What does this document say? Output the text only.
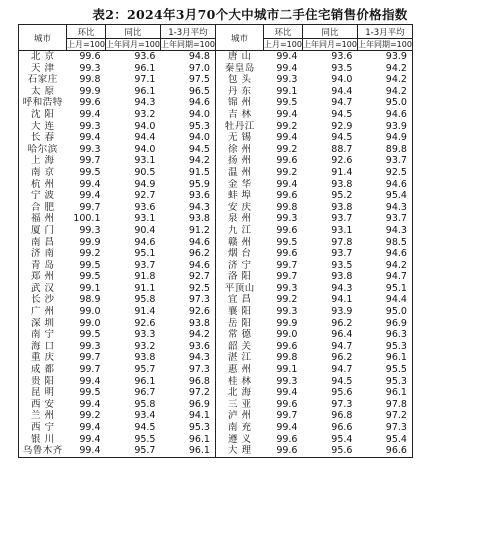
表2：2024年3月70个大中城市二手住宅销售价格指数
城市	环比	同比	1-3月平均	城市	环比	同比	1-3月平均
	上月=100	上年同月=100	上年同期=100		上月=100	上年同月=100	上年同期=100
北 京	99.6	93.6	94.8	唐 山	99.4	93.6	93.9
天 津	99.3	96.1	97.0	秦皇岛	99.4	93.5	94.2
石家庄	99.8	97.1	97.5	包 头	99.3	94.0	94.2
太 原	99.9	96.1	96.5	丹 东	99.1	94.4	94.2
呼和浩特	99.6	94.3	94.6	锦 州	99.5	94.7	95.0
沈 阳	99.4	93.2	94.0	吉 林	99.4	94.5	94.6
大 连	99.3	94.0	95.3	牡丹江	99.2	92.9	93.9
长 春	99.4	94.4	94.0	无 锡	99.4	94.5	94.9
哈尔滨	99.3	94.0	94.5	徐 州	99.2	88.7	89.8
上 海	99.7	93.1	94.2	扬 州	99.6	92.6	93.7
南 京	99.5	90.5	91.5	温 州	99.2	91.4	92.5
杭 州	99.4	94.9	95.9	金 华	99.4	93.8	94.6
宁 波	99.4	92.7	93.6	蚌 埠	99.6	95.2	95.4
合 肥	99.7	93.6	94.3	安 庆	99.8	93.8	94.3
福 州	100.1	93.1	93.8	泉 州	99.3	93.7	93.7
厦 门	99.3	90.4	91.2	九 江	99.6	93.1	94.3
南 昌	99.9	94.6	94.6	赣 州	99.5	97.8	98.5
济 南	99.2	95.1	96.2	烟 台	99.6	93.7	94.6
青 岛	99.5	93.7	94.6	济 宁	99.7	93.5	94.2
郑 州	99.5	91.8	92.7	洛 阳	99.7	93.8	94.7
武 汉	99.1	91.1	92.5	平顶山	99.3	94.3	95.1
长 沙	98.9	95.8	97.3	宜 昌	99.2	94.1	94.4
广 州	99.0	91.4	92.6	襄 阳	99.3	93.9	95.0
深 圳	99.0	92.6	93.8	岳 阳	99.9	96.2	96.9
南 宁	99.5	93.3	94.2	常 德	99.0	96.4	96.3
海 口	99.3	93.2	93.6	韶 关	99.6	94.7	95.3
重 庆	99.7	93.8	94.3	湛 江	99.8	96.2	96.1
成 都	99.7	95.7	97.3	惠 州	99.1	94.7	95.5
贵 阳	99.4	96.1	96.8	桂 林	99.3	94.5	95.3
昆 明	99.5	96.7	97.2	北 海	99.4	95.6	96.1
西 安	99.4	95.8	96.9	三 亚	99.6	97.3	97.8
兰 州	99.2	93.4	94.1	泸 州	99.7	96.8	97.2
西 宁	99.4	94.5	95.3	南 充	99.4	96.6	97.3
银 川	99.4	95.5	96.1	遵 义	99.6	95.4	95.4
乌鲁木齐	99.4	95.7	96.1	大 理	99.6	95.6	96.6
